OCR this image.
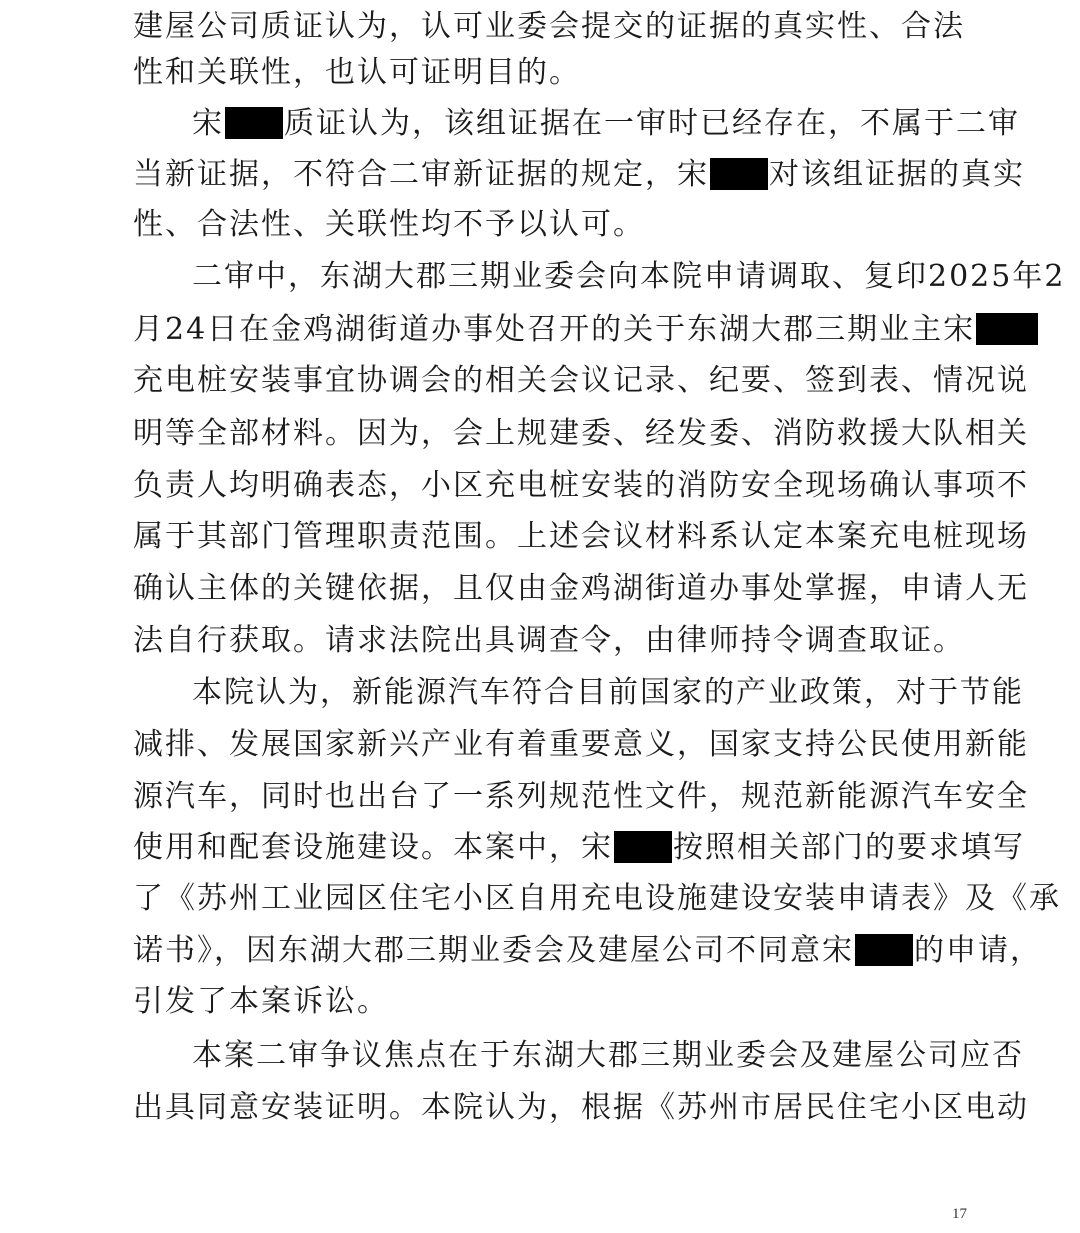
建屋公司质证认为，认可业委会提交的证据的真实性、合法
性和关联性，也认可证明目的。
宋 质证认为，该组证据在一审时已经存在，不属于二审
当新证据，不符合二审新证据的规定，宋 对该组证据的真实
性、合法性、关联性均不予以认可。
二审中，东湖大郡三期业委会向本院申请调取、复印2025年2
月24日在金鸡湖街道办事处召开的关于东湖大郡三期业主宋
充电桩安装事宜协调会的相关会议记录、纪要、签到表、情况说
明等全部材料。因为，会上规建委、经发委、消防救援大队相关
负责人均明确表态，小区充电桩安装的消防安全现场确认事项不
属于其部门管理职责范围。上述会议材料系认定本案充电桩现场
确认主体的关键依据，且仅由金鸡湖街道办事处掌握，申请人无
法自行获取。请求法院出具调查令，由律师持令调查取证。
本院认为，新能源汽车符合目前国家的产业政策，对于节能
减排、发展国家新兴产业有着重要意义，国家支持公民使用新能
源汽车，同时也出台了一系列规范性文件，规范新能源汽车安全
使用和配套设施建设。本案中，宋 按照相关部门的要求填写
了《苏州工业园区住宅小区自用充电设施建设安装申请表》及《承
诺书》，因东湖大郡三期业委会及建屋公司不同意宋 的申请，
引发了本案诉讼。
本案二审争议焦点在于东湖大郡三期业委会及建屋公司应否
出具同意安装证明。本院认为，根据《苏州市居民住宅小区电动
17
